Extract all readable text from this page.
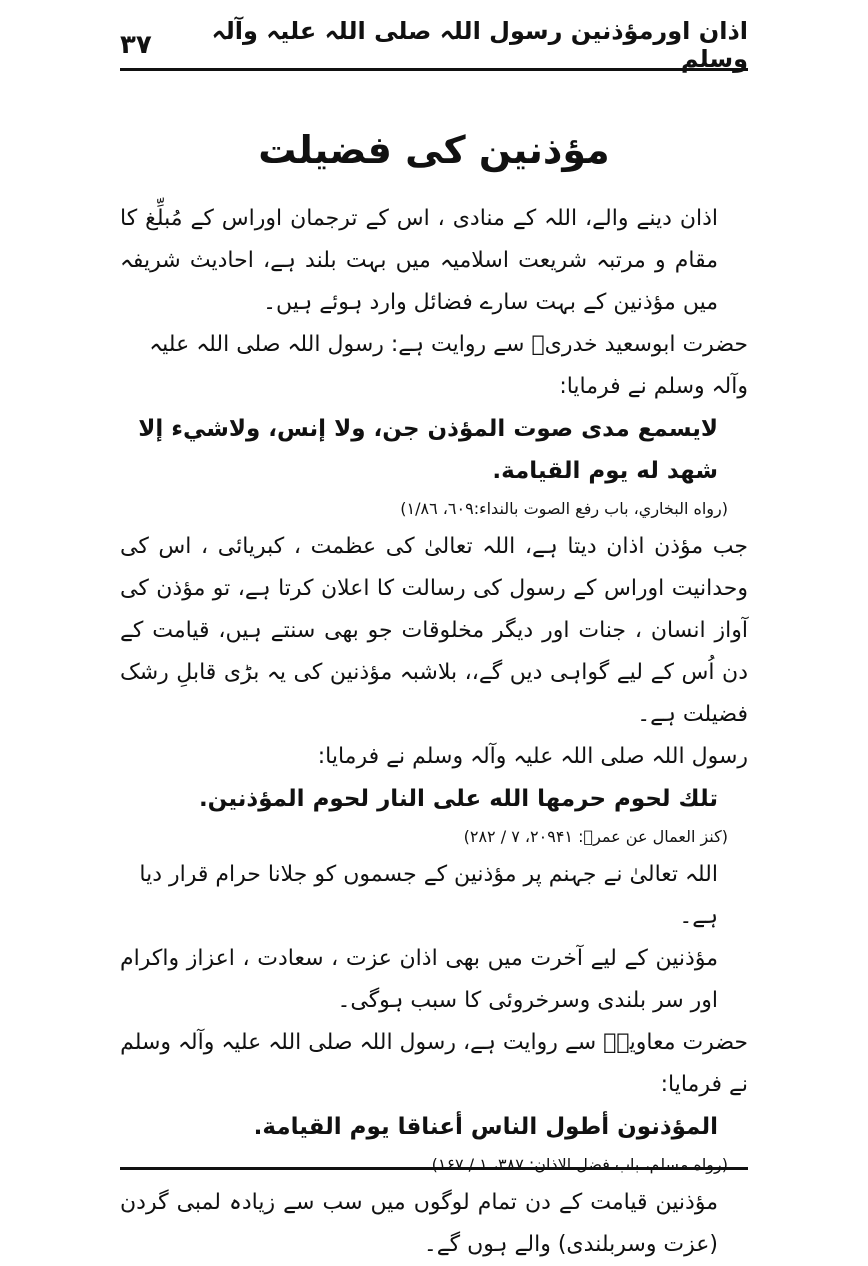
۳۷	اذان اورمؤذنین رسول اللہ صلی اللہ علیہ وآلہ وسلم
مؤذنین کی فضیلت

اذان دینے والے، اللہ کے منادی ، اس کے ترجمان اوراس کے مُبلِّغ کا مقام و مرتبہ شریعت اسلامیہ میں بہت بلند ہے، احادیث شریفہ میں مؤذنین کے بہت سارے فضائل وارد ہوئے ہیں۔

حضرت ابوسعید خدریؓ سے روایت ہے: رسول اللہ صلی اللہ علیہ وآلہ وسلم نے فرمایا:

لايسمع مدى صوت المؤذن جن، ولا إنس، ولاشيء إلا شهد له يوم القيامة.

(رواه البخاري، باب رفع الصوت بالنداء:٦٠٩، ١/٨٦)

جب مؤذن اذان دیتا ہے، اللہ تعالیٰ کی عظمت ، کبریائی ، اس کی وحدانیت اوراس کے رسول کی رسالت کا اعلان کرتا ہے، تو مؤذن کی آواز انسان ، جنات اور دیگر مخلوقات جو بھی سنتے ہیں، قیامت کے دن اُس کے لیے گواہی دیں گے،، بلاشبہ مؤذنین کی یہ بڑی قابلِ رشک فضیلت ہے۔

رسول اللہ صلی اللہ علیہ وآلہ وسلم نے فرمایا:

تلك لحوم حرمها الله على النار لحوم المؤذنين.

(کنز العمال عن عمرؓ: ۲۰۹۴۱، ۷ / ۲۸۲)

اللہ تعالیٰ نے جہنم پر مؤذنین کے جسموں کو جلانا حرام قرار دیا ہے۔

مؤذنین کے لیے آخرت میں بھی اذان عزت ، سعادت ، اعزاز واکرام اور سر بلندی وسرخروئی کا سبب ہوگی۔

حضرت معاویہؓ سے روایت ہے، رسول اللہ صلی اللہ علیہ وآلہ وسلم نے فرمایا:

المؤذنون أطول الناس أعناقا يوم القيامة.

(رواه مسلم، باب فضل الاذان: ۳۸۷، ۱ / ۱۶۷)

مؤذنین قیامت کے دن تمام لوگوں میں سب سے زیادہ لمبی گردن (عزت وسربلندی) والے ہوں گے۔
